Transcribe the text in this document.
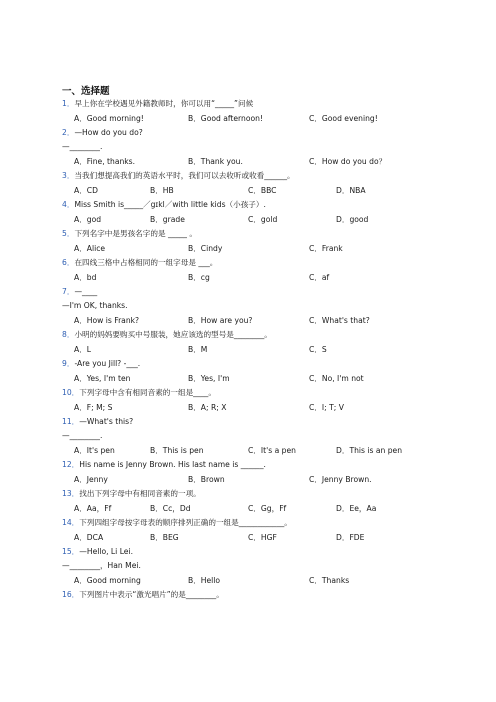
一、选择题
1．早上你在学校遇见外籍教师时，你可以用“_____”问候
A．Good morning!	B．Good afternoon!	C．Good evening!
2．—How do you do?
—________.
A．Fine, thanks.	B．Thank you.	C．How do you do？
3．当我们想提高我们的英语水平时，我们可以去收听或收看______。
A．CD	B．HB	C．BBC	D．NBA
4．Miss Smith is_____／gɪkl／with little kids（小孩子）.
A．god	B．grade	C．gold	D．good
5．下列名字中是男孩名字的是 _____ 。
A．Alice	B．Cindy	C．Frank
6．在四线三格中占格相同的一组字母是 ___。
A．bd	B．cg	C．af
7．—____
—I'm OK, thanks.
A．How is Frank?	B．How are you?	C．What's that?
8．小明的妈妈要购买中号服装，她应该选的型号是________。
A．L	B．M	C．S
9．-Are you Jill? -___.
A．Yes, I'm ten	B．Yes, I'm	C．No, I'm not
10．下列字母中含有相同音素的一组是____。
A．F; M; S	B．A; R; X	C．I; T; V
11．—What's this?
—________.
A．It's pen	B．This is pen	C．It's a pen	D．This is an pen
12．His name is Jenny Brown. His last name is ______.
A．Jenny	B．Brown	C．Jenny Brown.
13．找出下列字母中有相同音素的一项。
A．Aa，Ff	B．Cc，Dd	C．Gg，Ff	D．Ee，Aa
14．下列四组字母按字母表的顺序排列正确的一组是____________。
A．DCA	B．BEG	C．HGF	D．FDE
15．—Hello, Li Lei.
—________，Han Mei.
A．Good morning	B．Hello	C．Thanks
16．下列图片中表示“激光唱片”的是________。
